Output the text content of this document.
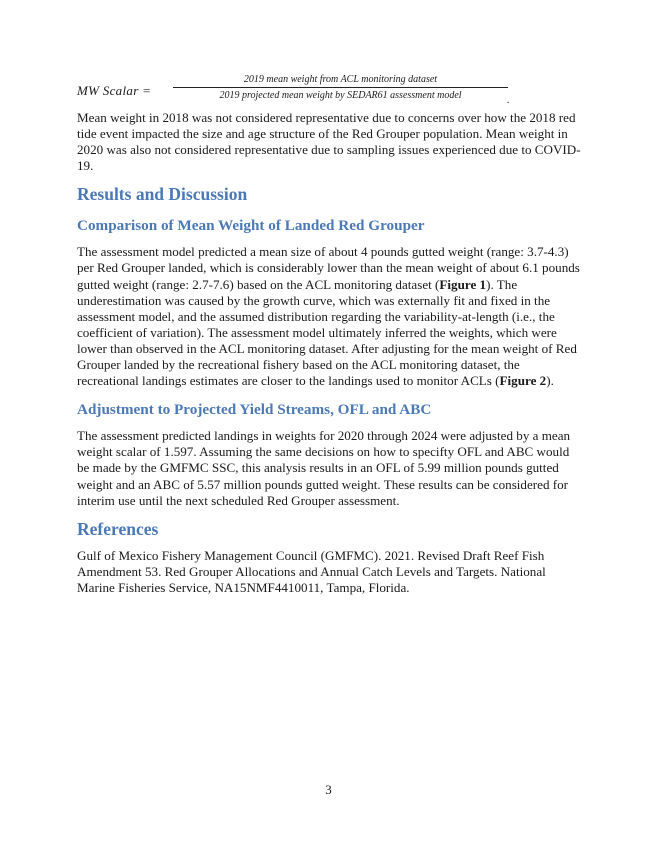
MW Scalar =
2019 mean weight from ACL monitoring dataset
2019 projected mean weight by SEDAR61 assessment model	.

Mean weight in 2018 was not considered representative due to concerns over how the 2018 red tide event impacted the size and age structure of the Red Grouper population. Mean weight in 2020 was also not considered representative due to sampling issues experienced due to COVID-19.

Results and Discussion
Comparison of Mean Weight of Landed Red Grouper

The assessment model predicted a mean size of about 4 pounds gutted weight (range: 3.7-4.3) per Red Grouper landed, which is considerably lower than the mean weight of about 6.1 pounds gutted weight (range: 2.7-7.6) based on the ACL monitoring dataset (Figure 1). The underestimation was caused by the growth curve, which was externally fit and fixed in the assessment model, and the assumed distribution regarding the variability-at-length (i.e., the coefficient of variation). The assessment model ultimately inferred the weights, which were lower than observed in the ACL monitoring dataset. After adjusting for the mean weight of Red Grouper landed by the recreational fishery based on the ACL monitoring dataset, the recreational landings estimates are closer to the landings used to monitor ACLs (Figure 2).

Adjustment to Projected Yield Streams, OFL and ABC

The assessment predicted landings in weights for 2020 through 2024 were adjusted by a mean weight scalar of 1.597. Assuming the same decisions on how to specifty OFL and ABC would be made by the GMFMC SSC, this analysis results in an OFL of 5.99 million pounds gutted weight and an ABC of 5.57 million pounds gutted weight. These results can be considered for interim use until the next scheduled Red Grouper assessment.

References

Gulf of Mexico Fishery Management Council (GMFMC). 2021. Revised Draft Reef Fish Amendment 53. Red Grouper Allocations and Annual Catch Levels and Targets. National Marine Fisheries Service, NA15NMF4410011, Tampa, Florida.

3
